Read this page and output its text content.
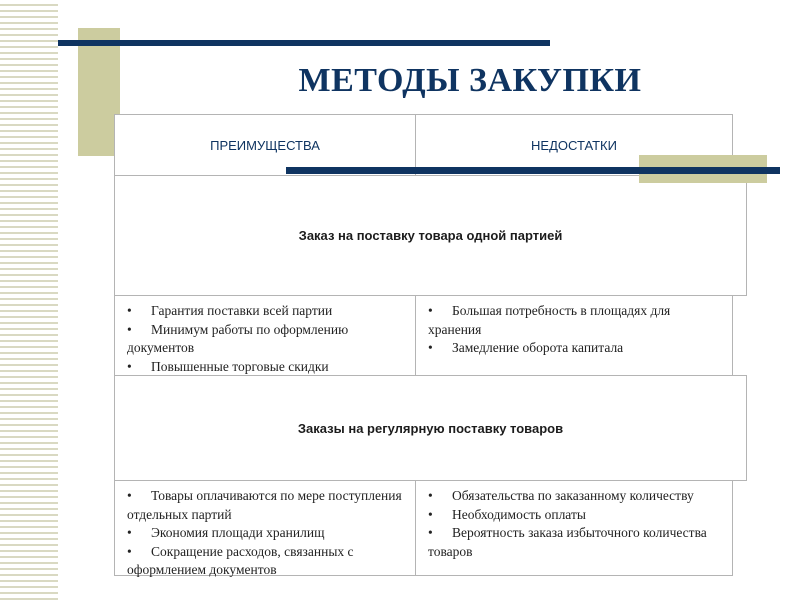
МЕТОДЫ ЗАКУПКИ
ПРЕИМУЩЕСТВА	НЕДОСТАТКИ
Заказ на поставку товара одной партией
• Гарантия поставки всей партии
• Минимум работы по оформлению документов
• Повышенные торговые скидки
• Большая потребность в площадях для хранения
• Замедление оборота капитала
Заказы на регулярную поставку товаров
• Товары оплачиваются по мере поступления отдельных партий
• Экономия площади хранилищ
• Сокращение расходов, связанных с оформлением документов
• Обязательства по заказанному количеству
• Необходимость оплаты
• Вероятность заказа избыточного количества товаров
